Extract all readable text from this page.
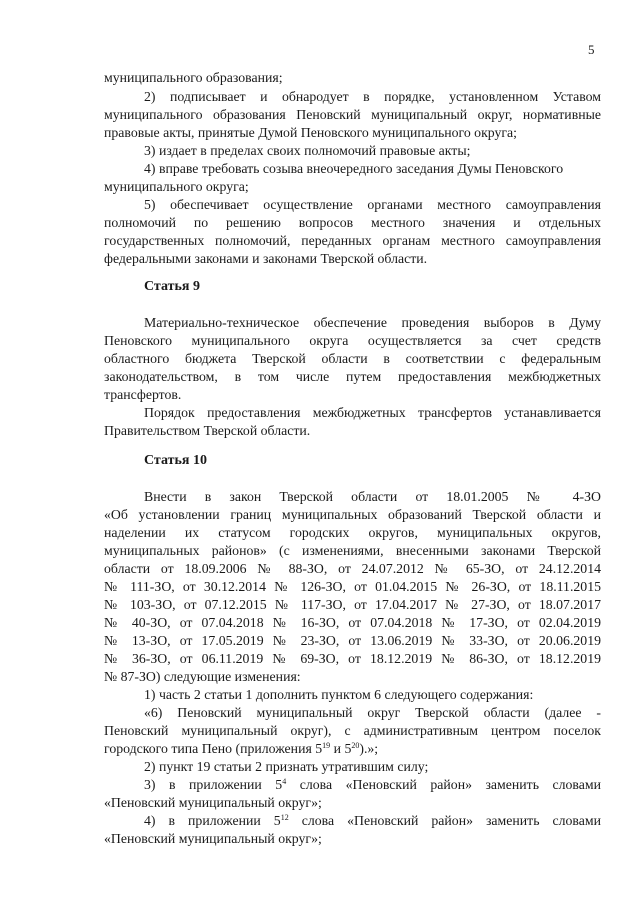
5
муниципального образования;
2) подписывает и обнародует в порядке, установленном Уставом
муниципального образования Пеновский муниципальный округ, нормативные
правовые акты, принятые Думой Пеновского муниципального округа;
3) издает в пределах своих полномочий правовые акты;
4) вправе требовать созыва внеочередного заседания Думы Пеновского
муниципального округа;
5) обеспечивает осуществление органами местного самоуправления
полномочий по решению вопросов местного значения и отдельных
государственных полномочий, переданных органам местного самоуправления
федеральными законами и законами Тверской области.
Статья 9
Материально-техническое обеспечение проведения выборов в Думу
Пеновского муниципального округа осуществляется за счет средств
областного бюджета Тверской области в соответствии с федеральным
законодательством, в том числе путем предоставления межбюджетных
трансфертов.
Порядок предоставления межбюджетных трансфертов устанавливается
Правительством Тверской области.
Статья 10
Внести в закон Тверской области от 18.01.2005 № 4-ЗО
«Об установлении границ муниципальных образований Тверской области и
наделении их статусом городских округов, муниципальных округов,
муниципальных районов» (с изменениями, внесенными законами Тверской
области от 18.09.2006 № 88-ЗО, от 24.07.2012 № 65-ЗО, от 24.12.2014
№ 111-ЗО, от 30.12.2014 № 126-ЗО, от 01.04.2015 № 26-ЗО, от 18.11.2015
№ 103-ЗО, от 07.12.2015 № 117-ЗО, от 17.04.2017 № 27-ЗО, от 18.07.2017
№ 40-ЗО, от 07.04.2018 № 16-ЗО, от 07.04.2018 № 17-ЗО, от 02.04.2019
№ 13-ЗО, от 17.05.2019 № 23-ЗО, от 13.06.2019 № 33-ЗО, от 20.06.2019
№ 36-ЗО, от 06.11.2019 № 69-ЗО, от 18.12.2019 № 86-ЗО, от 18.12.2019
№ 87-ЗО) следующие изменения:
1) часть 2 статьи 1 дополнить пунктом 6 следующего содержания:
«6) Пеновский муниципальный округ Тверской области (далее -
Пеновский муниципальный округ), с административным центром поселок
городского типа Пено (приложения $5^{19}$ и $5^{20}$).»;
2) пункт 19 статьи 2 признать утратившим силу;
3) в приложении $5^4$ слова «Пеновский район» заменить словами
«Пеновский муниципальный округ»;
4) в приложении $5^{12}$ слова «Пеновский район» заменить словами
«Пеновский муниципальный округ»;
